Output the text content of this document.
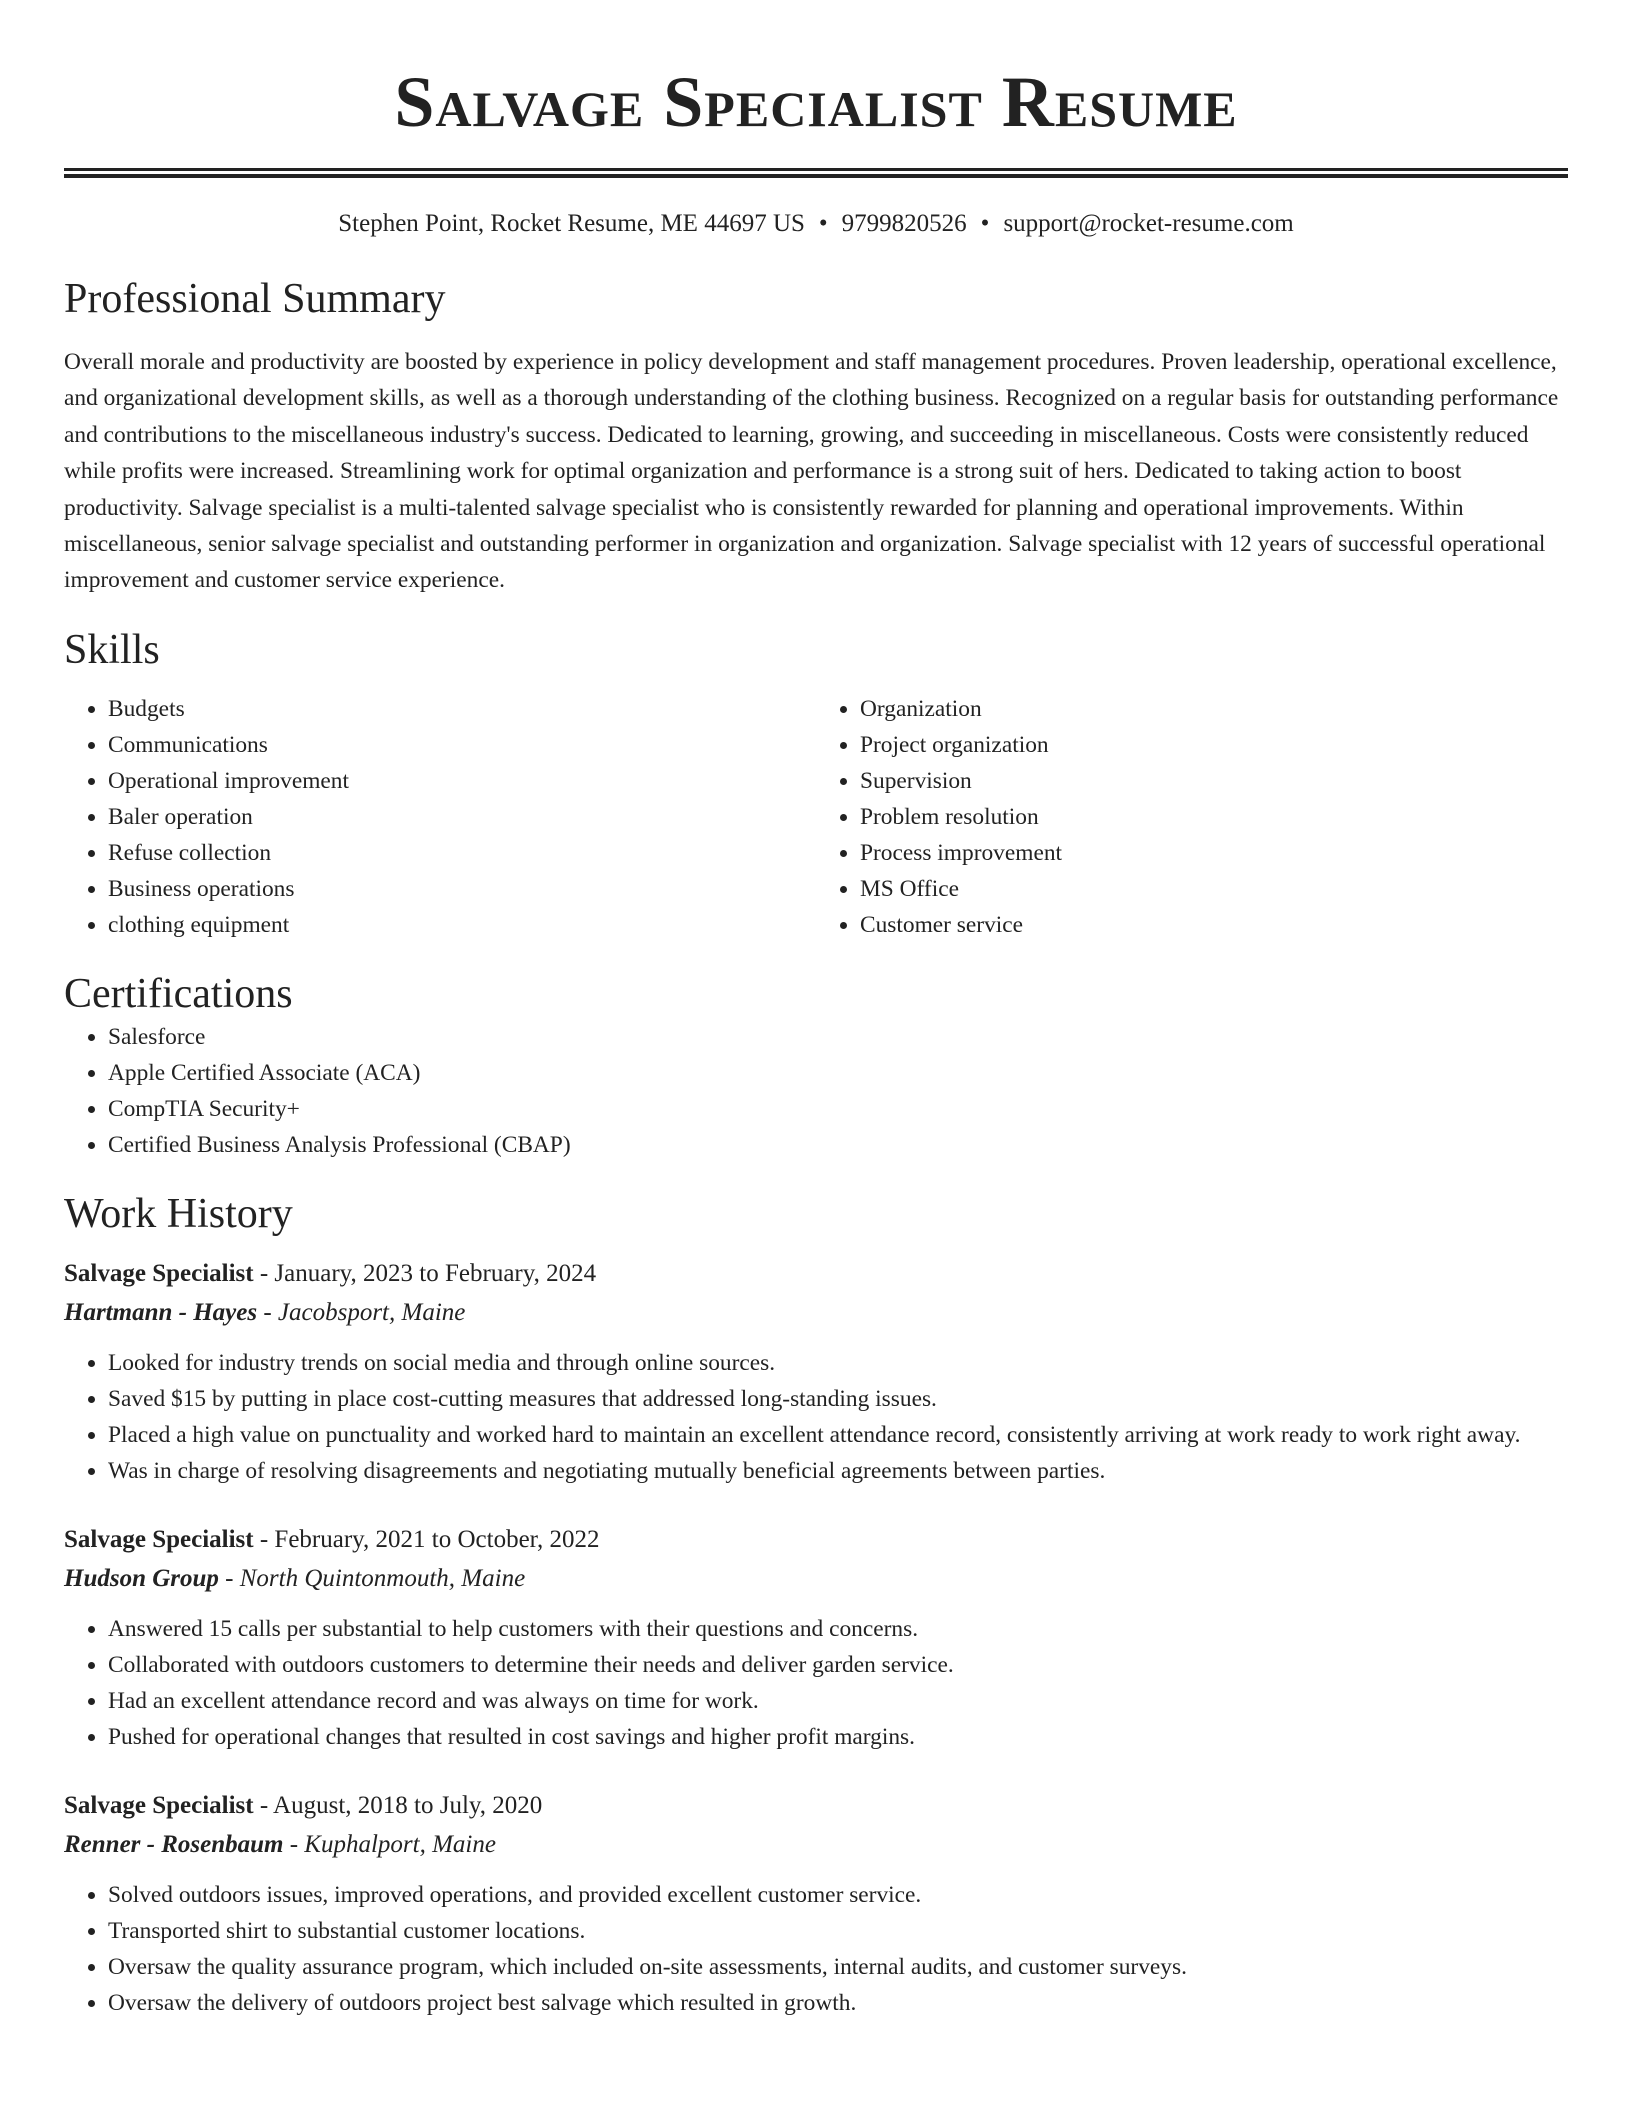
Salvage Specialist Resume
Stephen Point, Rocket Resume, ME 44697 US • 9799820526 • support@rocket-resume.com
Professional Summary

Overall morale and productivity are boosted by experience in policy development and staff management procedures. Proven leadership, operational excellence, and organizational development skills, as well as a thorough understanding of the clothing business. Recognized on a regular basis for outstanding performance and contributions to the miscellaneous industry's success. Dedicated to learning, growing, and succeeding in miscellaneous. Costs were consistently reduced while profits were increased. Streamlining work for optimal organization and performance is a strong suit of hers. Dedicated to taking action to boost productivity. Salvage specialist is a multi-talented salvage specialist who is consistently rewarded for planning and operational improvements. Within miscellaneous, senior salvage specialist and outstanding performer in organization and organization. Salvage specialist with 12 years of successful operational improvement and customer service experience.

Skills
• Budgets
• Communications
• Operational improvement
• Baler operation
• Refuse collection
• Business operations
• clothing equipment
• Organization
• Project organization
• Supervision
• Problem resolution
• Process improvement
• MS Office
• Customer service
Certifications
• Salesforce
• Apple Certified Associate (ACA)
• CompTIA Security+
• Certified Business Analysis Professional (CBAP)
Work History
Salvage Specialist - January, 2023 to February, 2024
Hartmann - Hayes - Jacobsport, Maine
• Looked for industry trends on social media and through online sources.
• Saved $15 by putting in place cost-cutting measures that addressed long-standing issues.
• Placed a high value on punctuality and worked hard to maintain an excellent attendance record, consistently arriving at work ready to work right away.
• Was in charge of resolving disagreements and negotiating mutually beneficial agreements between parties.
Salvage Specialist - February, 2021 to October, 2022
Hudson Group - North Quintonmouth, Maine
• Answered 15 calls per substantial to help customers with their questions and concerns.
• Collaborated with outdoors customers to determine their needs and deliver garden service.
• Had an excellent attendance record and was always on time for work.
• Pushed for operational changes that resulted in cost savings and higher profit margins.
Salvage Specialist - August, 2018 to July, 2020
Renner - Rosenbaum - Kuphalport, Maine
• Solved outdoors issues, improved operations, and provided excellent customer service.
• Transported shirt to substantial customer locations.
• Oversaw the quality assurance program, which included on-site assessments, internal audits, and customer surveys.
• Oversaw the delivery of outdoors project best salvage which resulted in growth.
